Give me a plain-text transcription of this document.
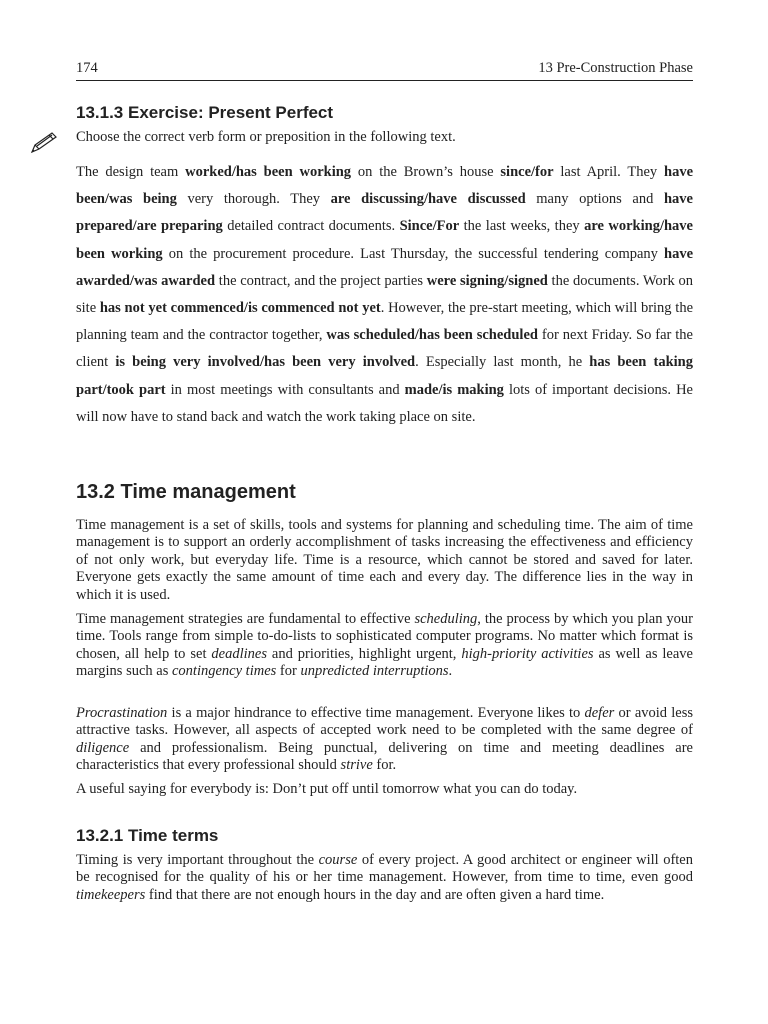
174	13 Pre-Construction Phase
13.1.3 Exercise: Present Perfect

Choose the correct verb form or preposition in the following text.

The design team worked/has been working on the Brown’s house since/for last April. They have been/was being very thorough. They are discussing/have discussed many options and have prepared/are preparing detailed contract documents. Since/For the last weeks, they are working/have been working on the procurement procedure. Last Thursday, the successful tendering company have awarded/was awarded the contract, and the project parties were signing/signed the documents. Work on site has not yet commenced/is commenced not yet. However, the pre-start meeting, which will bring the planning team and the contractor together, was scheduled/has been scheduled for next Friday. So far the client is being very involved/has been very involved. Especially last month, he has been taking part/took part in most meetings with consultants and made/is making lots of important decisions. He will now have to stand back and watch the work taking place on site.

13.2 Time management

Time management is a set of skills, tools and systems for planning and scheduling time. The aim of time management is to support an orderly accomplishment of tasks increasing the effectiveness and efficiency of not only work, but everyday life. Time is a resource, which cannot be stored and saved for later. Everyone gets exactly the same amount of time each and every day. The difference lies in the way in which it is used.

Time management strategies are fundamental to effective scheduling, the process by which you plan your time. Tools range from simple to-do-lists to sophisticated computer programs. No matter which format is chosen, all help to set deadlines and priorities, highlight urgent, high-priority activities as well as leave margins such as contingency times for unpredicted interruptions.

Procrastination is a major hindrance to effective time management. Everyone likes to defer or avoid less attractive tasks. However, all aspects of accepted work need to be completed with the same degree of diligence and professionalism. Being punctual, delivering on time and meeting deadlines are characteristics that every professional should strive for.

A useful saying for everybody is: Don’t put off until tomorrow what you can do today.

13.2.1 Time terms

Timing is very important throughout the course of every project. A good architect or engineer will often be recognised for the quality of his or her time management. However, from time to time, even good timekeepers find that there are not enough hours in the day and are often given a hard time.
